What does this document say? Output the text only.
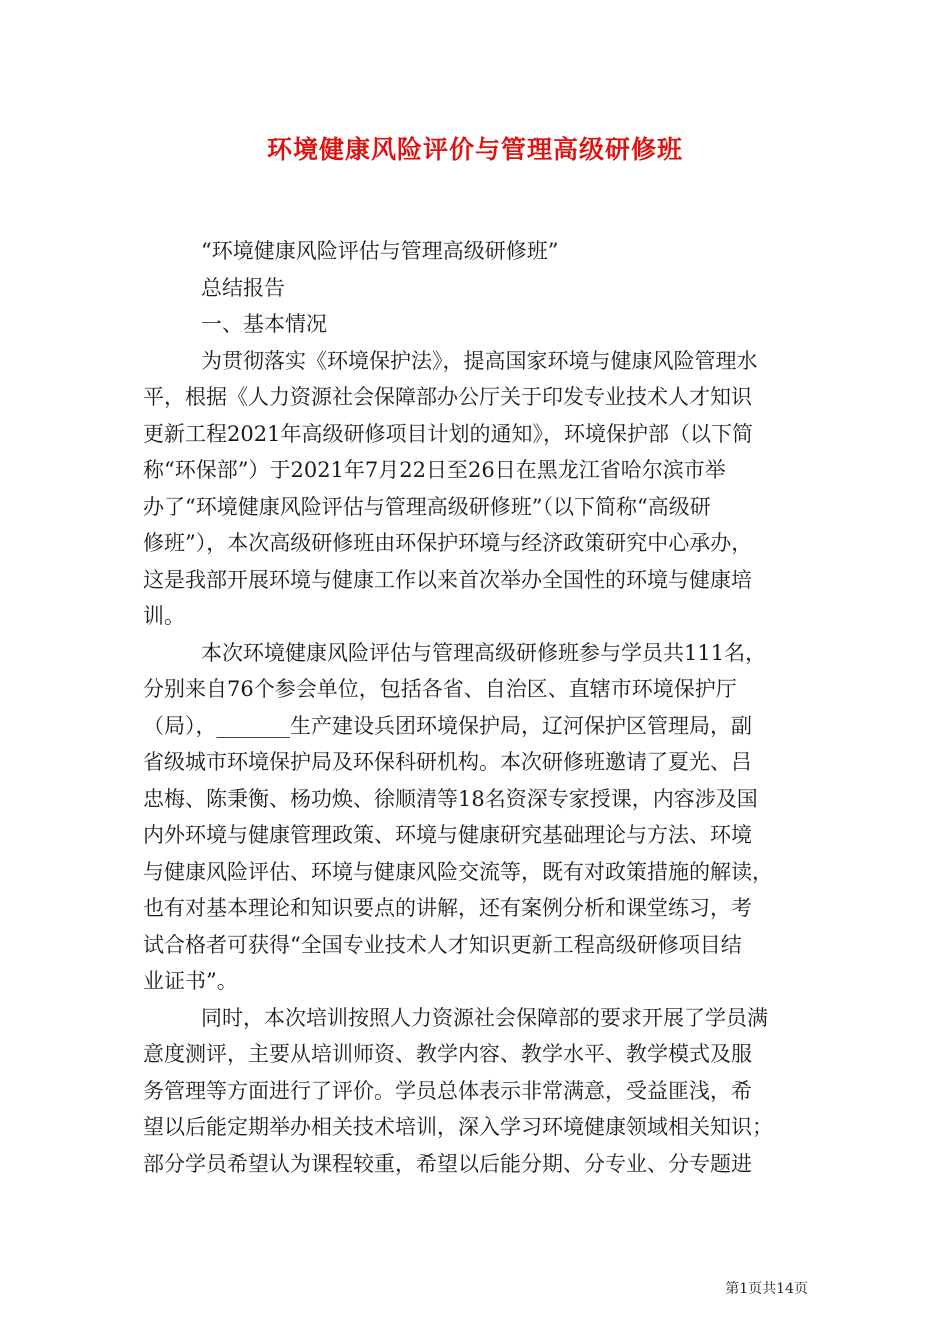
环境健康风险评价与管理高级研修班
“环境健康风险评估与管理高级研修班”
总结报告
一、基本情况
为贯彻落实《环境保护法》，提高国家环境与健康风险管理水
平，根据《人力资源社会保障部办公厅关于印发专业技术人才知识
更新工程2021年高级研修项目计划的通知》，环境保护部（以下简
称“环保部”）于2021年7月22日至26日在黑龙江省哈尔滨市举
办了“环境健康风险评估与管理高级研修班”（以下简称“高级研
修班”），本次高级研修班由环保护环境与经济政策研究中心承办，
这是我部开展环境与健康工作以来首次举办全国性的环境与健康培
训。
本次环境健康风险评估与管理高级研修班参与学员共111名，
分别来自76个参会单位，包括各省、自治区、直辖市环境保护厅
（局），_______生产建设兵团环境保护局，辽河保护区管理局，副
省级城市环境保护局及环保科研机构。本次研修班邀请了夏光、吕
忠梅、陈秉衡、杨功焕、徐顺清等18名资深专家授课，内容涉及国
内外环境与健康管理政策、环境与健康研究基础理论与方法、环境
与健康风险评估、环境与健康风险交流等，既有对政策措施的解读，
也有对基本理论和知识要点的讲解，还有案例分析和课堂练习，考
试合格者可获得“全国专业技术人才知识更新工程高级研修项目结
业证书”。
同时，本次培训按照人力资源社会保障部的要求开展了学员满
意度测评，主要从培训师资、教学内容、教学水平、教学模式及服
务管理等方面进行了评价。学员总体表示非常满意，受益匪浅，希
望以后能定期举办相关技术培训，深入学习环境健康领域相关知识；
部分学员希望认为课程较重，希望以后能分期、分专业、分专题进
第1页共14页
